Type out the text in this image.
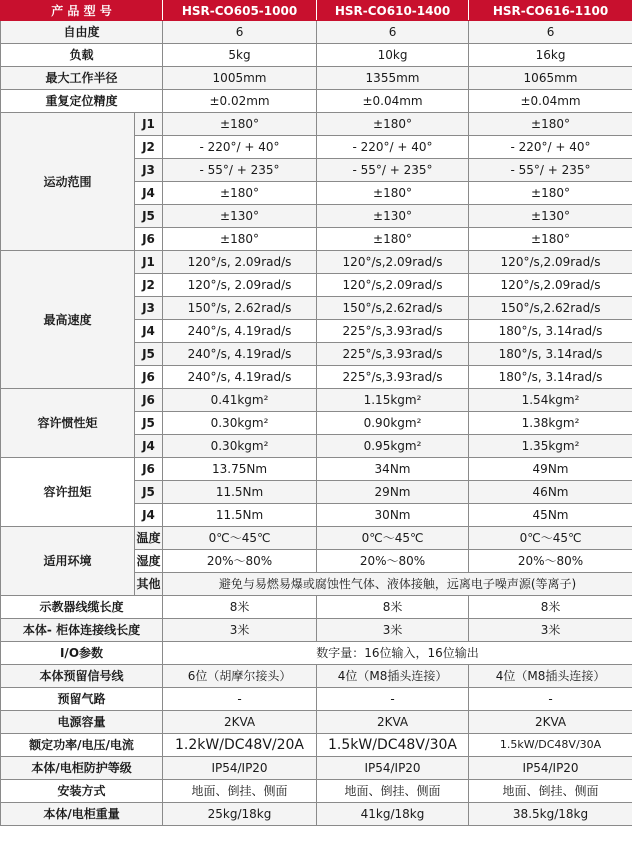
产 品 型 号		HSR-CO605-1000	HSR-CO610-1400	HSR-CO616-1100
自由度		6	6	6
负载		5kg	10kg	16kg
最大工作半径		1005mm	1355mm	1065mm
重复定位精度		±0.02mm	±0.04mm	±0.04mm
运动范围	J1	±180°	±180°	±180°
	J2	- 220°/ + 40°	- 220°/ + 40°	- 220°/ + 40°
	J3	- 55°/ + 235°	- 55°/ + 235°	- 55°/ + 235°
	J4	±180°	±180°	±180°
	J5	±130°	±130°	±130°
	J6	±180°	±180°	±180°
最高速度	J1	120°/s, 2.09rad/s	120°/s,2.09rad/s	120°/s,2.09rad/s
	J2	120°/s, 2.09rad/s	120°/s,2.09rad/s	120°/s,2.09rad/s
	J3	150°/s, 2.62rad/s	150°/s,2.62rad/s	150°/s,2.62rad/s
	J4	240°/s, 4.19rad/s	225°/s,3.93rad/s	180°/s, 3.14rad/s
	J5	240°/s, 4.19rad/s	225°/s,3.93rad/s	180°/s, 3.14rad/s
	J6	240°/s, 4.19rad/s	225°/s,3.93rad/s	180°/s, 3.14rad/s
容许惯性矩	J6	0.41kgm²	1.15kgm²	1.54kgm²
	J5	0.30kgm²	0.90kgm²	1.38kgm²
	J4	0.30kgm²	0.95kgm²	1.35kgm²
容许扭矩	J6	13.75Nm	34Nm	49Nm
	J5	11.5Nm	29Nm	46Nm
	J4	11.5Nm	30Nm	45Nm
适用环境	温度	0℃～45℃	0℃～45℃	0℃～45℃
	湿度	20%～80%	20%～80%	20%～80%
	其他	避免与易燃易爆或腐蚀性气体、液体接触，远离电子噪声源(等离子)		
示教器线缆长度		8米	8米	8米
本体- 柜体连接线长度		3米	3米	3米
I/O参数		数字量：16位输入，16位输出		
本体预留信号线		6位（胡摩尔接头）	4位（M8插头连接）	4位（M8插头连接）
预留气路		-	-	-
电源容量		2KVA	2KVA	2KVA
额定功率/电压/电流		1.2kW/DC48V/20A	1.5kW/DC48V/30A	1.5kW/DC48V/30A
本体/电柜防护等级		IP54/IP20	IP54/IP20	IP54/IP20
安装方式		地面、倒挂、侧面	地面、倒挂、侧面	地面、倒挂、侧面
本体/电柜重量		25kg/18kg	41kg/18kg	38.5kg/18kg
